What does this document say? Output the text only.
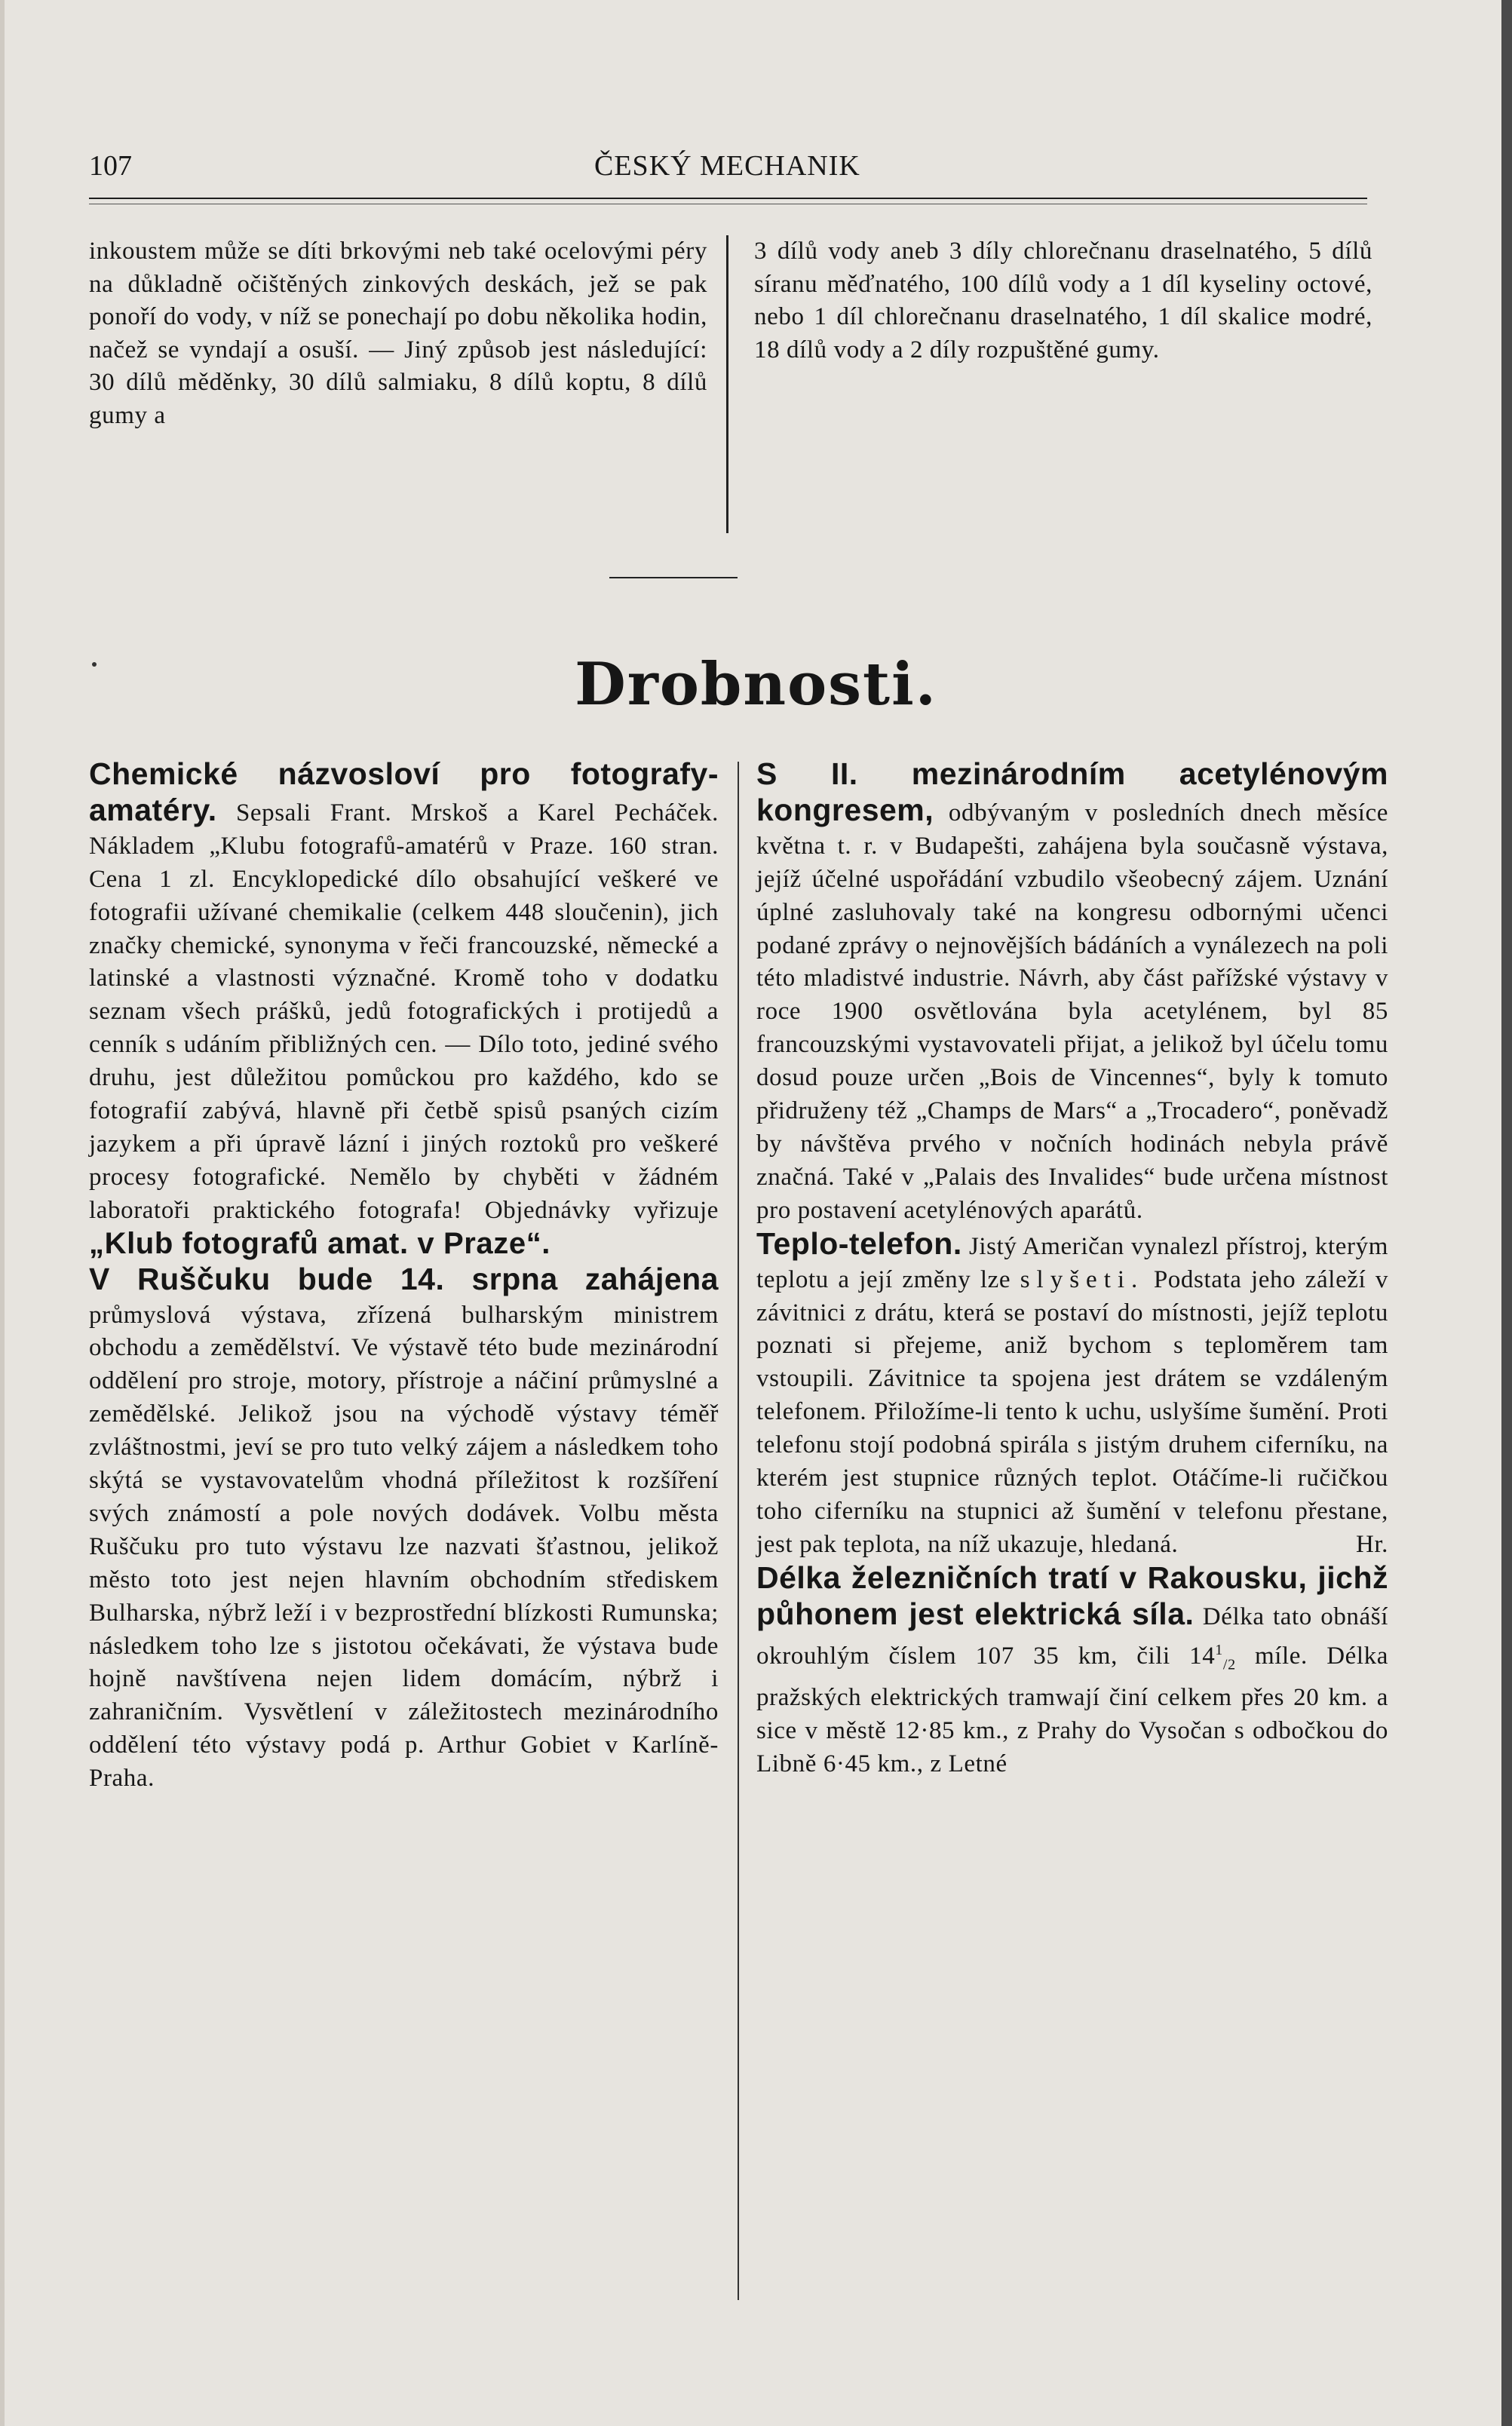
107	ČESKÝ MECHANIK

inkoustem může se díti brkovými neb také ocelovými péry na důkladně očištěných zinkových deskách, jež se pak ponoří do vody, v níž se ponechají po dobu několika hodin, načež se vyndají a osuší. — Jiný způsob jest následující: 30 dílů měděnky, 30 dílů salmiaku, 8 dílů koptu, 8 dílů gumy a

3 dílů vody aneb 3 díly chlorečnanu draselnatého, 5 dílů síranu měďnatého, 100 dílů vody a 1 díl kyseliny octové, nebo 1 díl chlorečnanu draselnatého, 1 díl skalice modré, 18 dílů vody a 2 díly rozpuštěné gumy.

Drobnosti.

Chemické názvosloví pro fotografy-amatéry. Sepsali Frant. Mrskoš a Karel Pecháček. Nákladem „Klubu fotografů-amatérů v Praze. 160 stran. Cena 1 zl. Encyklopedické dílo obsahující veškeré ve fotografii užívané chemikalie (celkem 448 sloučenin), jich značky chemické, synonyma v řeči francouzské, německé a latinské a vlastnosti význačné. Kromě toho v dodatku seznam všech prášků, jedů fotografických i protijedů a cenník s udáním přibližných cen. — Dílo toto, jediné svého druhu, jest důležitou pomůckou pro každého, kdo se fotografií zabývá, hlavně při četbě spisů psaných cizím jazykem a při úpravě lázní i jiných roztoků pro veškeré procesy fotografické. Nemělo by chyběti v žádném laboratoři praktického fotografa! Objednávky vyřizuje „Klub fotografů amat. v Praze“.

V Ruščuku bude 14. srpna zahájena průmyslová výstava, zřízená bulharským ministrem obchodu a zemědělství. Ve výstavě této bude mezinárodní oddělení pro stroje, motory, přístroje a náčiní průmyslné a zemědělské. Jelikož jsou na východě výstavy téměř zvláštnostmi, jeví se pro tuto velký zájem a následkem toho skýtá se vystavovatelům vhodná příležitost k rozšíření svých známostí a pole nových dodávek. Volbu města Ruščuku pro tuto výstavu lze nazvati šťastnou, jelikož město toto jest nejen hlavním obchodním střediskem Bulharska, nýbrž leží i v bezprostřední blízkosti Rumunska; následkem toho lze s jistotou očekávati, že výstava bude hojně navštívena nejen lidem domácím, nýbrž i zahraničním. Vysvětlení v záležitostech mezinárodního oddělení této výstavy podá p. Arthur Gobiet v Karlíně-Praha.

S II. mezinárodním acetylénovým kongresem, odbývaným v posledních dnech měsíce května t. r. v Budapešti, zahájena byla současně výstava, jejíž účelné uspořádání vzbudilo všeobecný zájem. Uznání úplné zasluhovaly také na kongresu odbornými učenci podané zprávy o nejnovějších bádáních a vynálezech na poli této mladistvé industrie. Návrh, aby část pařížské výstavy v roce 1900 osvětlována byla acetylénem, byl 85 francouzskými vystavovateli přijat, a jelikož byl účelu tomu dosud pouze určen „Bois de Vincennes“, byly k tomuto přidruženy též „Champs de Mars“ a „Trocadero“, poněvadž by návštěva prvého v nočních hodinách nebyla právě značná. Také v „Palais des Invalides“ bude určena místnost pro postavení acetylénových aparátů.

Teplo-telefon. Jistý Američan vynalezl přístroj, kterým teplotu a její změny lze slyšeti. Podstata jeho záleží v závitnici z drátu, která se postaví do místnosti, jejíž teplotu poznati si přejeme, aniž bychom s teploměrem tam vstoupili. Závitnice ta spojena jest drátem se vzdáleným telefonem. Přiložíme-li tento k uchu, uslyšíme šumění. Proti telefonu stojí podobná spirála s jistým druhem ciferníku, na kterém jest stupnice různých teplot. Otáčíme-li ručičkou toho ciferníku na stupnici až šumění v telefonu přestane, jest pak teplota, na níž ukazuje, hledaná.	Hr.

Délka železničních tratí v Rakousku, jichž půhonem jest elektrická síla. Délka tato obnáší okrouhlým číslem 107 35 km, čili $14^1_{/2}$ míle. Délka pražských elektrických tramwají činí celkem přes 20 km. a sice v městě 12·85 km., z Prahy do Vysočan s odbočkou do Libně 6·45 km., z Letné
